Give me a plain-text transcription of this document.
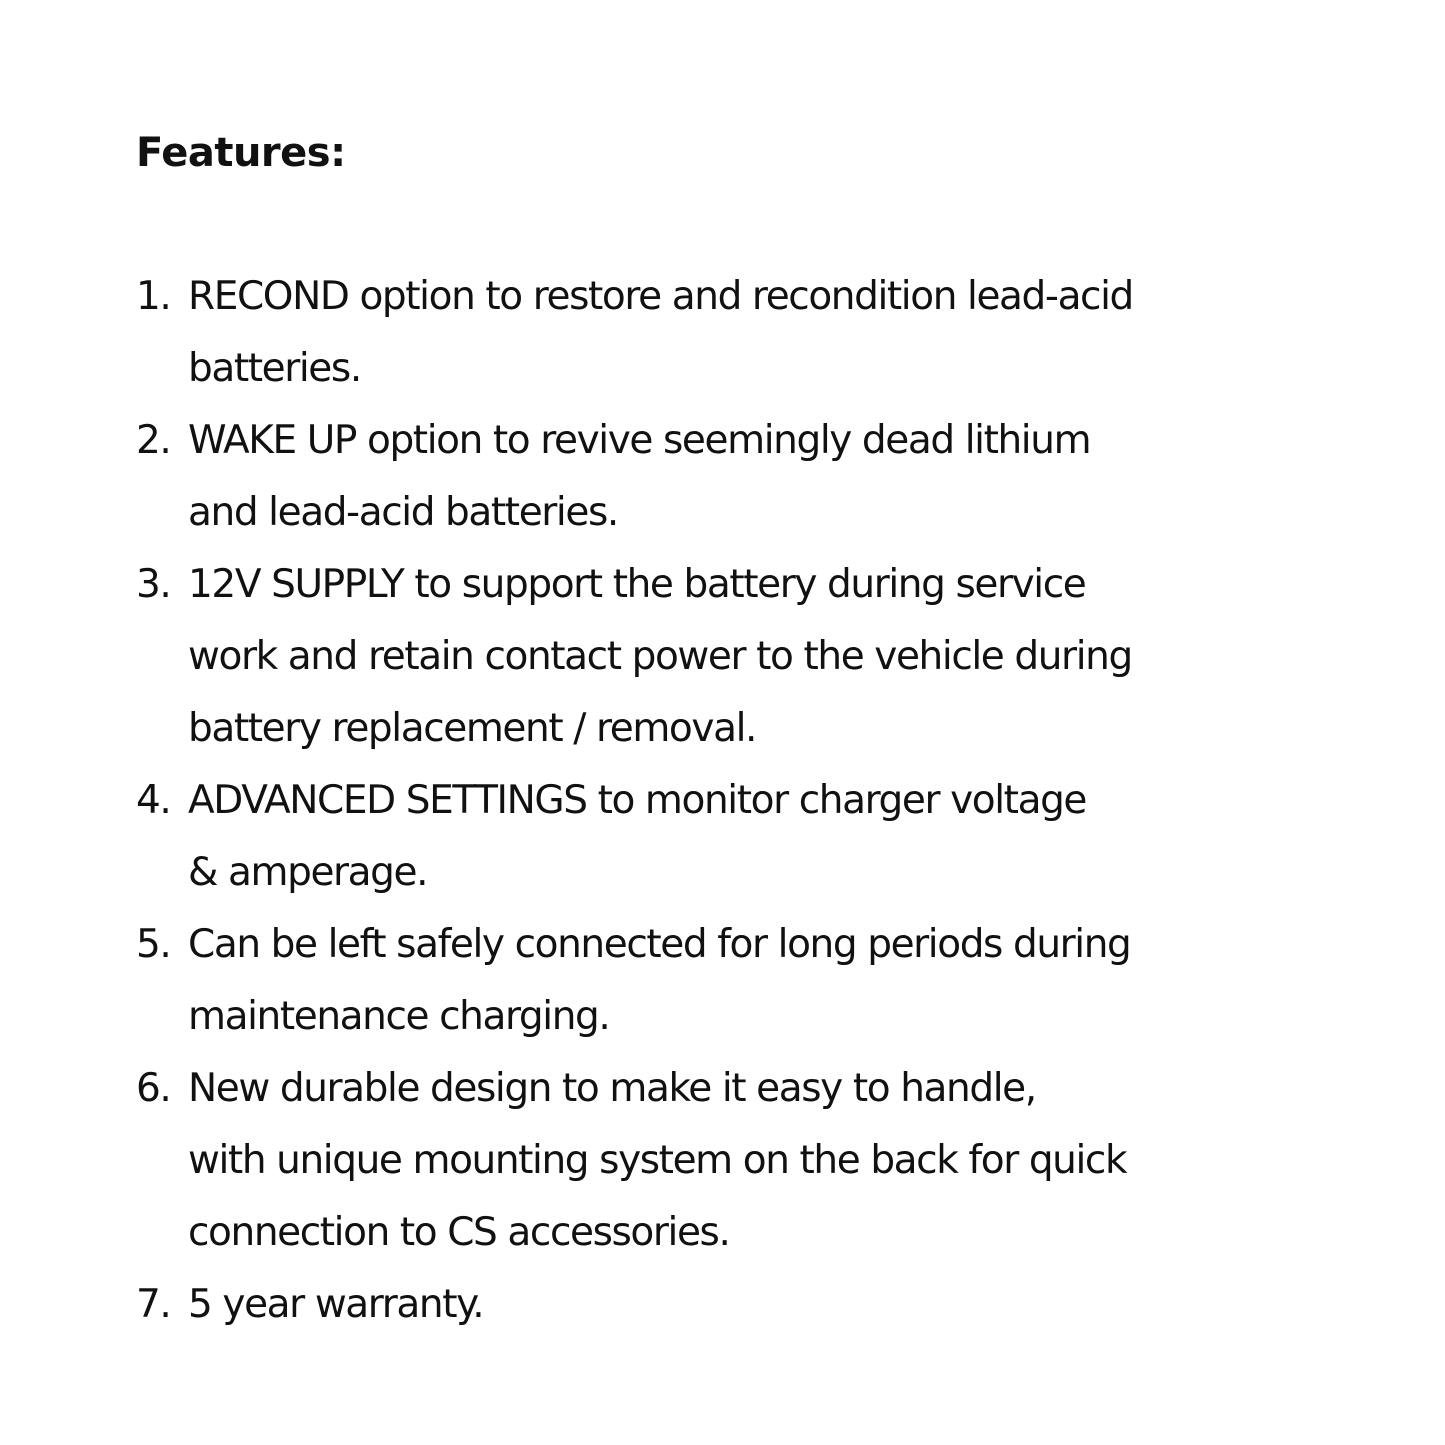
Features:
1. RECOND option to restore and recondition lead-acid
batteries.
2. WAKE UP option to revive seemingly dead lithium
and lead-acid batteries.
3. 12V SUPPLY to support the battery during service
work and retain contact power to the vehicle during
battery replacement / removal.
4. ADVANCED SETTINGS to monitor charger voltage
& amperage.
5. Can be left safely connected for long periods during
maintenance charging.
6. New durable design to make it easy to handle,
with unique mounting system on the back for quick
connection to CS accessories.
7. 5 year warranty.
